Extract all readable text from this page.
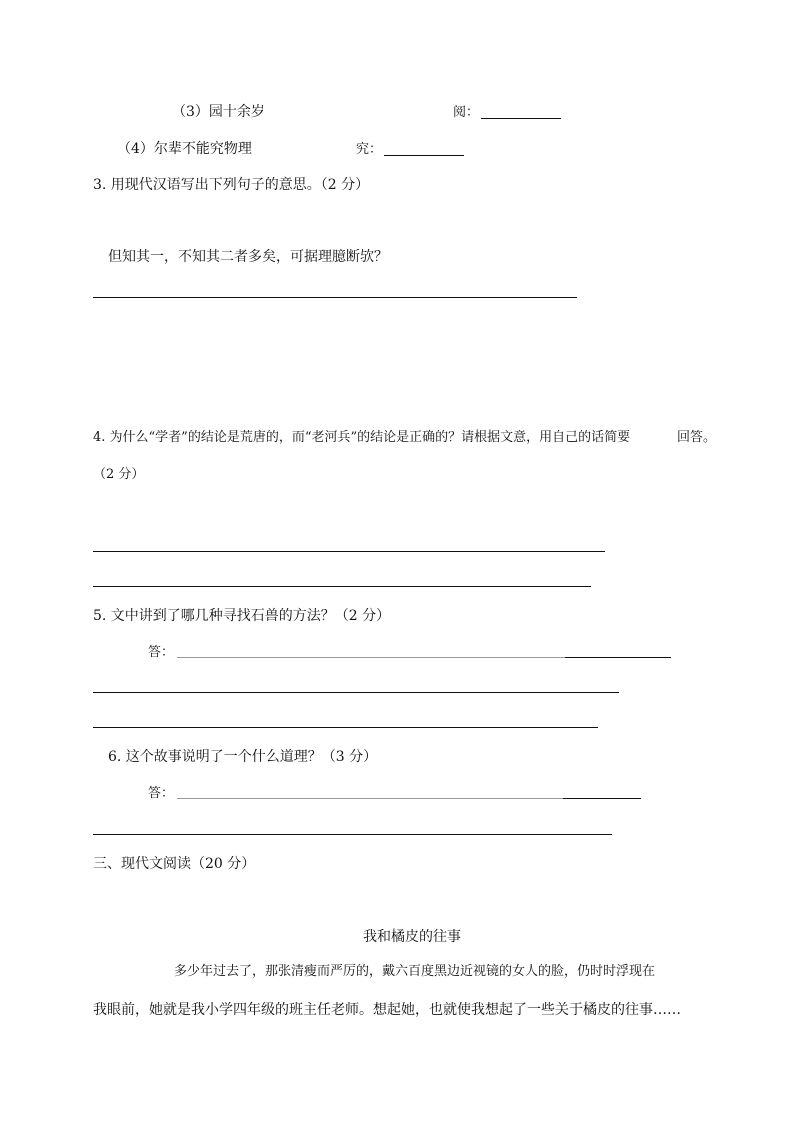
（3）园十余岁	阅：
（4）尔辈不能究物理	究：
3. 用现代汉语写出下列句子的意思。（2 分）
但知其一，不知其二者多矣，可据理臆断欤？
4. 为什么“学者”的结论是荒唐的，而“老河兵”的结论是正确的？请根据文意，用自己的话简要	回答。
（2 分）
5. 文中讲到了哪几种寻找石兽的方法？（2 分）
答：
6. 这个故事说明了一个什么道理？（3 分）
答：
三、现代文阅读（20 分）
我和橘皮的往事
多少年过去了，那张清瘦而严厉的，戴六百度黑边近视镜的女人的脸，仍时时浮现在
我眼前，她就是我小学四年级的班主任老师。想起她，也就使我想起了一些关于橘皮的往事……
